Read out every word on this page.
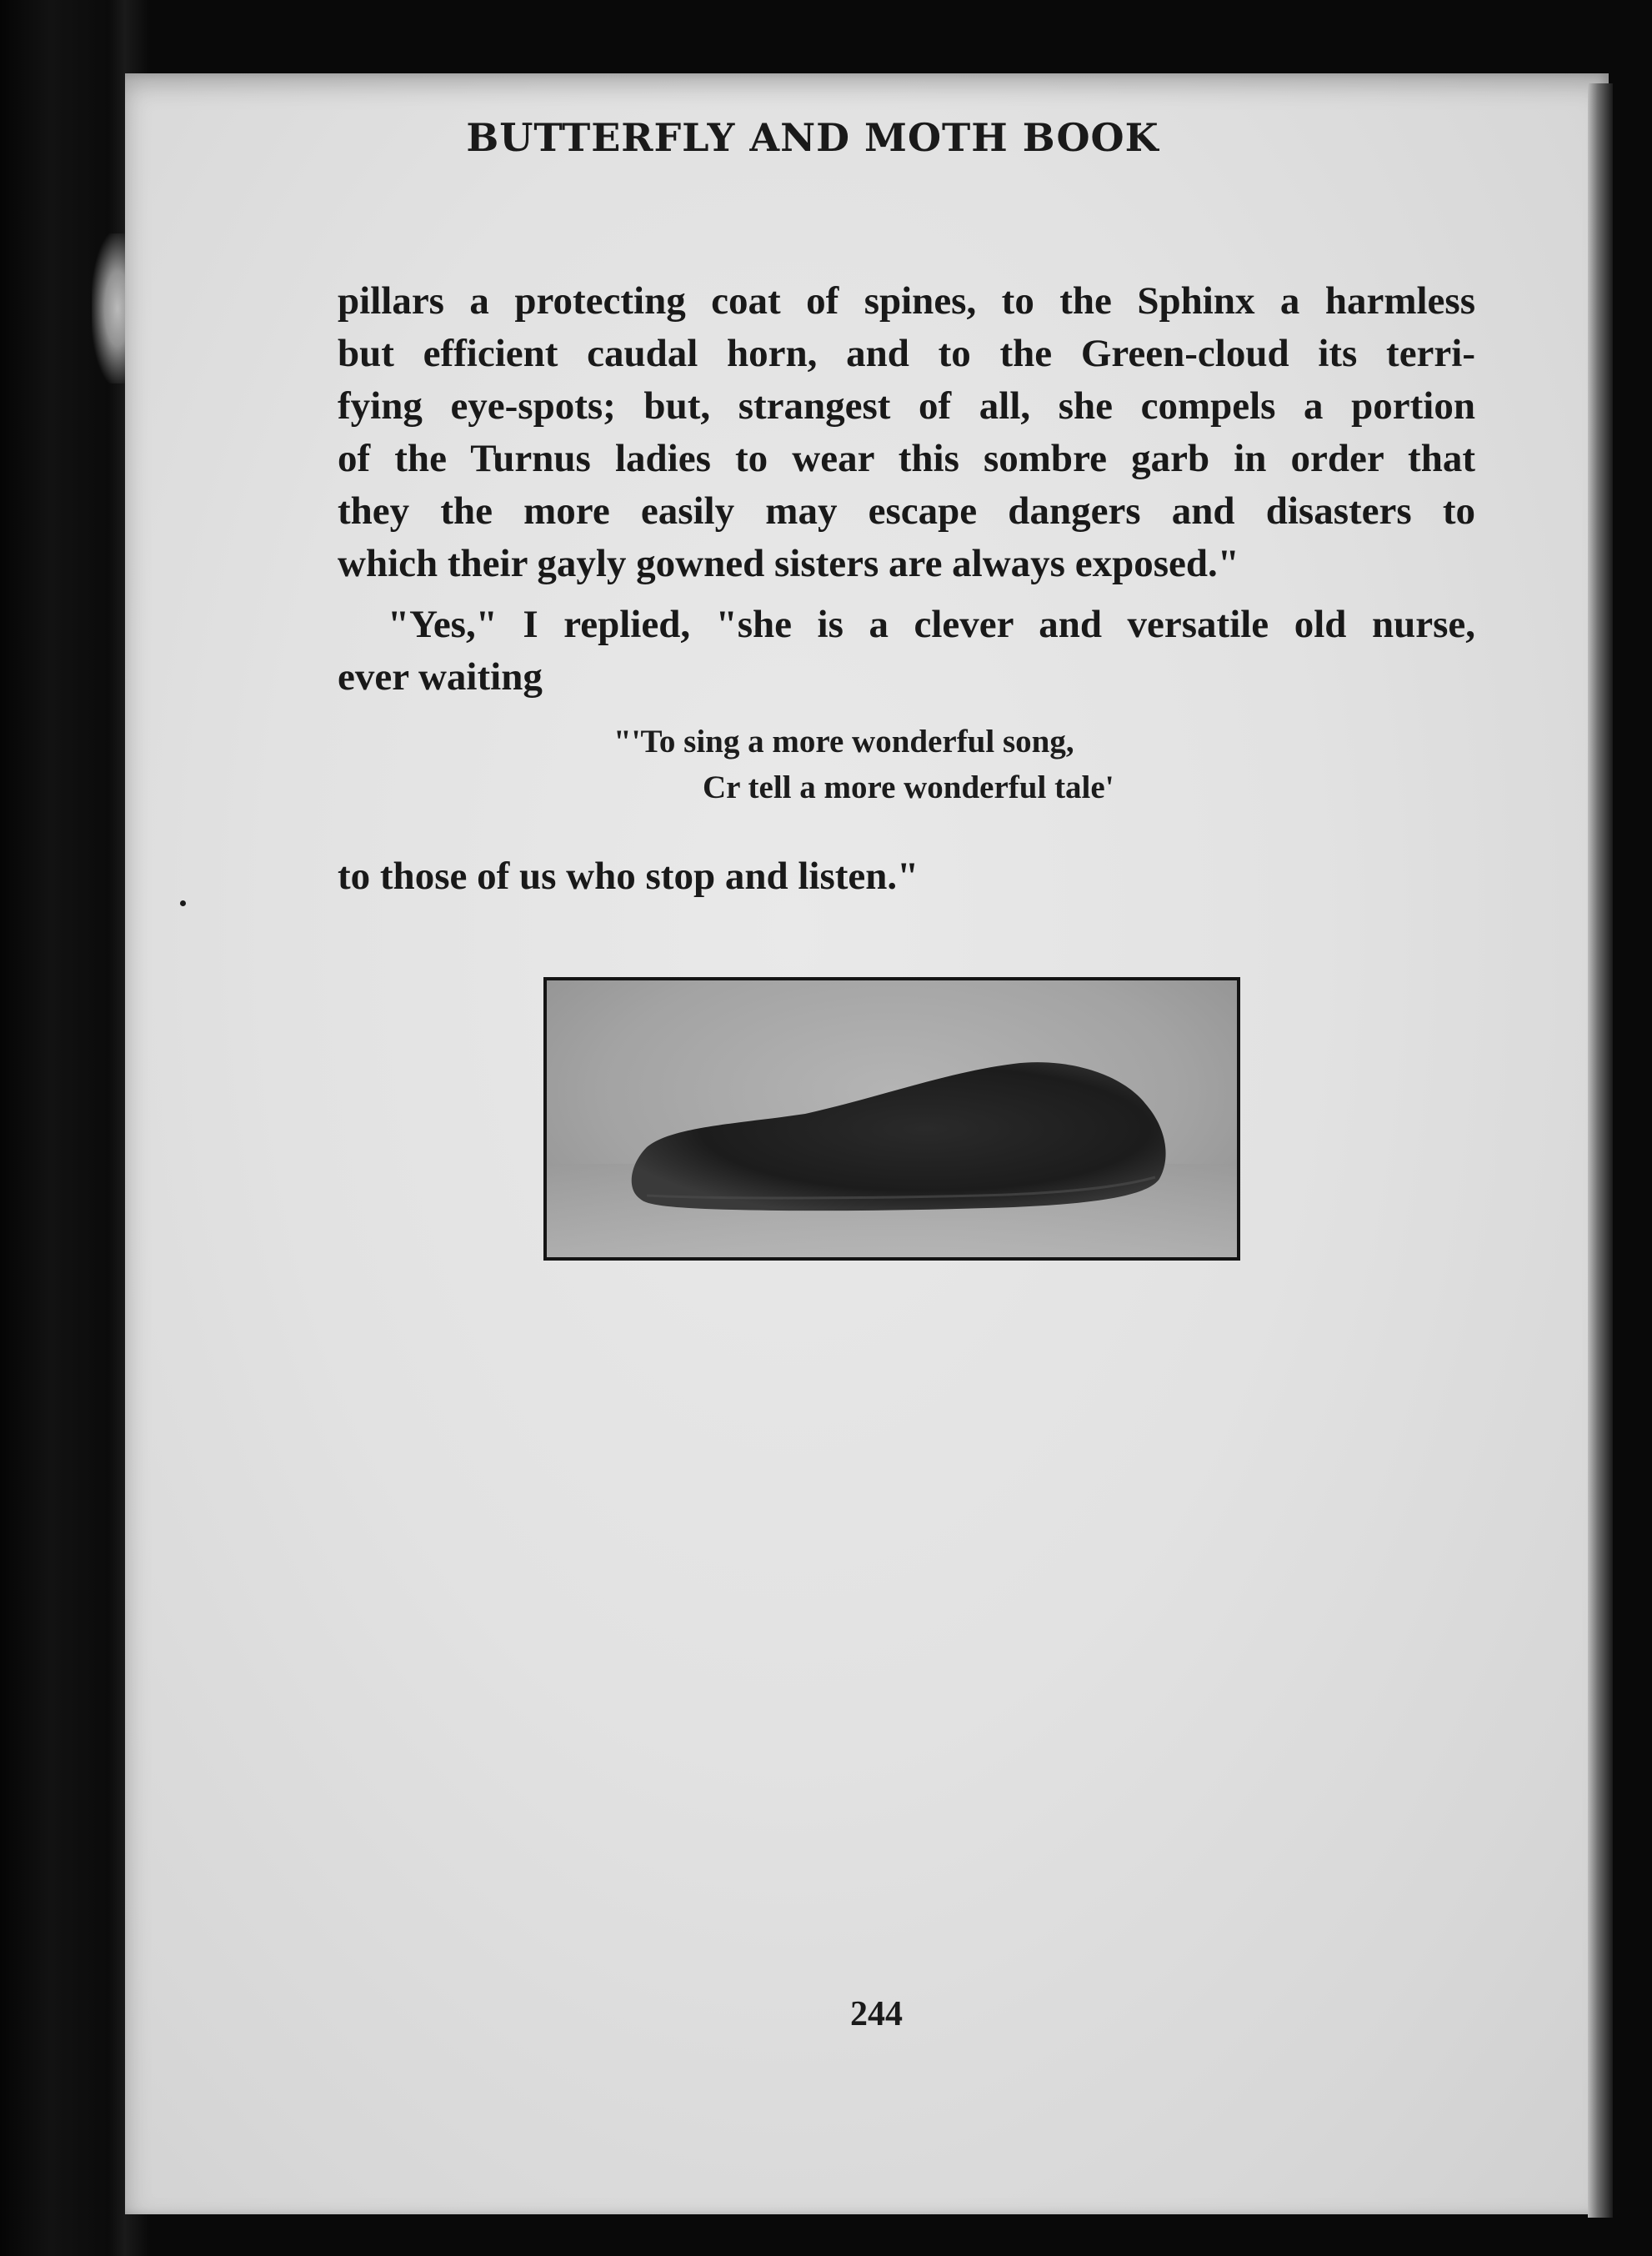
BUTTERFLY AND MOTH BOOK
pillars a protecting coat of spines, to the Sphinx a harmless
but efficient caudal horn, and to the Green-cloud its terri-
fying eye-spots; but, strangest of all, she compels a portion
of the Turnus ladies to wear this sombre garb in order that
they the more easily may escape dangers and disasters to
which their gayly gowned sisters are always exposed."
"Yes," I replied, "she is a clever and versatile old nurse,
ever waiting
"'To sing a more wonderful song,
Cr tell a more wonderful tale'
to those of us who stop and listen."
244
